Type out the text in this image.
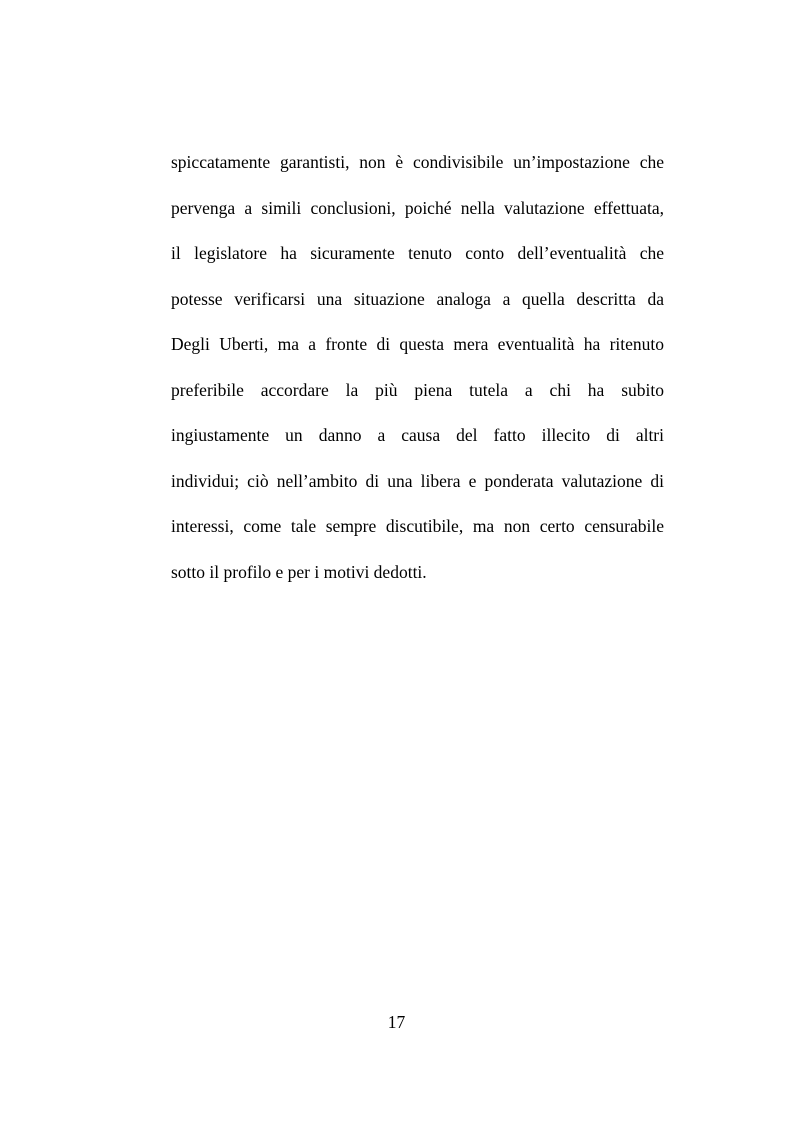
spiccatamente garantisti, non è condivisibile un’impostazione che
pervenga a simili conclusioni, poiché nella valutazione effettuata,
il legislatore ha sicuramente tenuto conto dell’eventualità che
potesse verificarsi una situazione analoga a quella descritta da
Degli Uberti, ma a fronte di questa mera eventualità ha ritenuto
preferibile accordare la più piena tutela a chi ha subito
ingiustamente un danno a causa del fatto illecito di altri
individui; ciò nell’ambito di una libera e ponderata valutazione di
interessi, come tale sempre discutibile, ma non certo censurabile
sotto il profilo e per i motivi dedotti.
17
